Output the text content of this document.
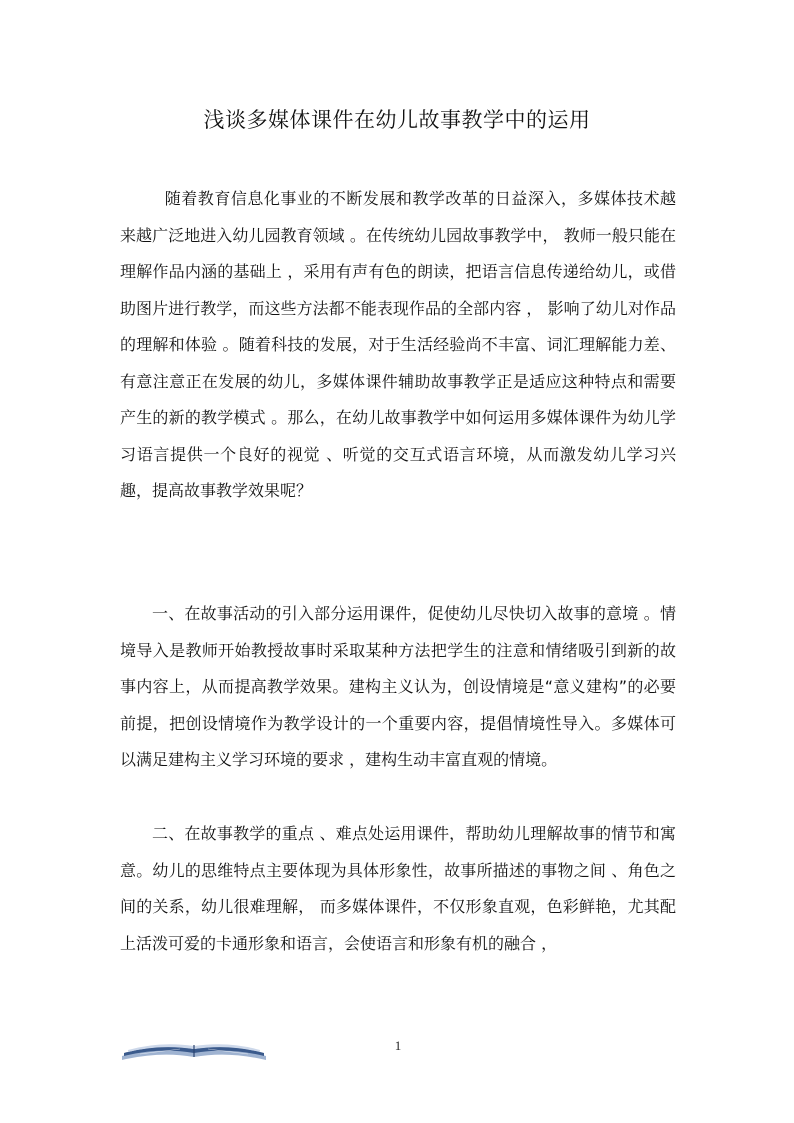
浅谈多媒体课件在幼儿故事教学中的运用

随着教育信息化事业的不断发展和教学改革的日益深入，多媒体技术越来越广泛地进入幼儿园教育领域 。在传统幼儿园故事教学中， 教师一般只能在理解作品内涵的基础上 ，采用有声有色的朗读，把语言信息传递给幼儿，或借助图片进行教学，而这些方法都不能表现作品的全部内容 ， 影响了幼儿对作品的理解和体验 。随着科技的发展，对于生活经验尚不丰富、词汇理解能力差、有意注意正在发展的幼儿，多媒体课件辅助故事教学正是适应这种特点和需要产生的新的教学模式 。那么，在幼儿故事教学中如何运用多媒体课件为幼儿学习语言提供一个良好的视觉 、听觉的交互式语言环境，从而激发幼儿学习兴趣，提高故事教学效果呢？

一、在故事活动的引入部分运用课件，促使幼儿尽快切入故事的意境 。情境导入是教师开始教授故事时采取某种方法把学生的注意和情绪吸引到新的故事内容上，从而提高教学效果。建构主义认为，创设情境是“意义建构”的必要前提，把创设情境作为教学设计的一个重要内容，提倡情境性导入。多媒体可以满足建构主义学习环境的要求 ，建构生动丰富直观的情境。

二、在故事教学的重点 、难点处运用课件，帮助幼儿理解故事的情节和寓意。幼儿的思维特点主要体现为具体形象性，故事所描述的事物之间 、角色之间的关系，幼儿很难理解， 而多媒体课件，不仅形象直观，色彩鲜艳，尤其配上活泼可爱的卡通形象和语言，会使语言和形象有机的融合 ，

1
